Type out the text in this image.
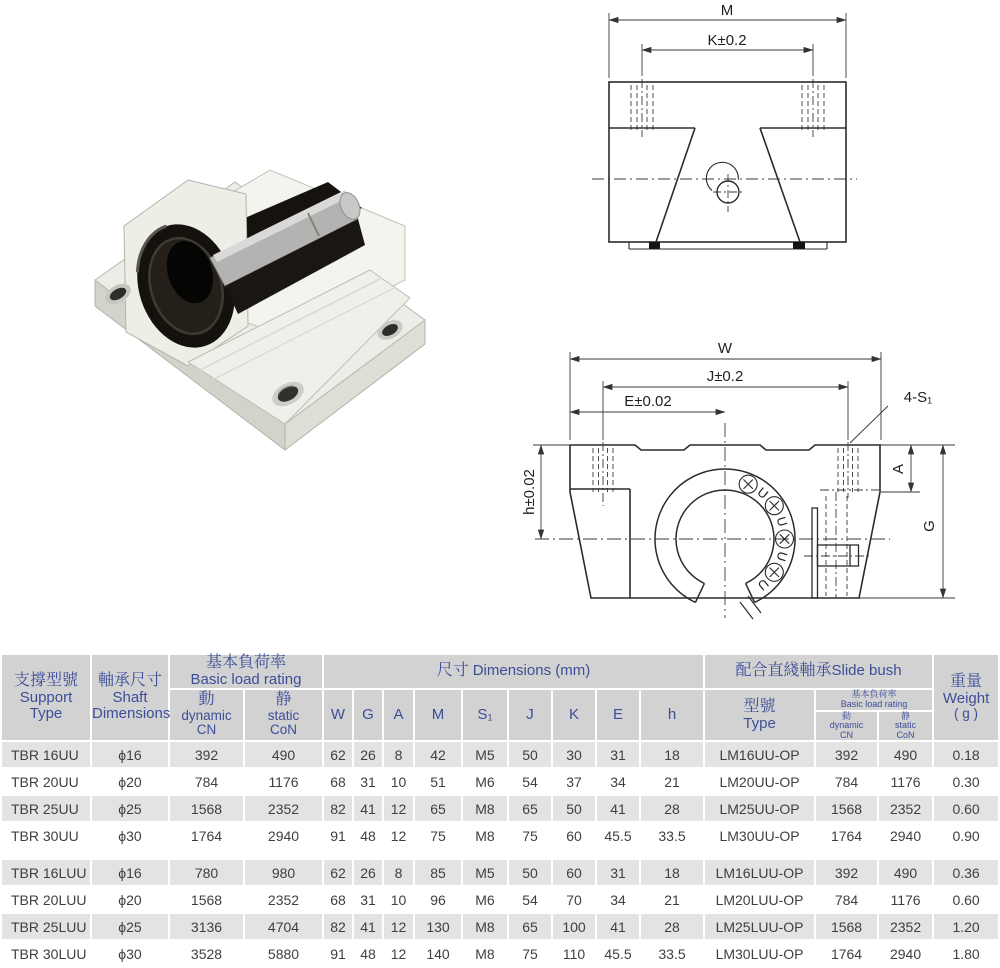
M
K±0.2
W
J±0.2
E±0.02	4-S₁
h±0.02
A
G
U
U
U
U
支撐型號
Support
Type	軸承尺寸
Shaft
Dimensions	基本負荷率
Basic load rating		尺寸 Dimensions (mm)									配合直綫軸承Slide bush			重量
Weight
( g )

		動
dynamic
CN	静
static
CoN	W	G	A	M	S₁	J	K	E	h	型號
Type	基本負荷率
Basic load rating		

														動
dynamic
CN	静
static
CoN	

TBR 16UU	ϕ16	392	490	62	26	8	42	M5	50	30	31	18	LM16UU-OP	392	490	0.18
TBR 20UU	ϕ20	784	1176	68	31	10	51	M6	54	37	34	21	LM20UU-OP	784	1176	0.30
TBR 25UU	ϕ25	1568	2352	82	41	12	65	M8	65	50	41	28	LM25UU-OP	1568	2352	0.60
TBR 30UU	ϕ30	1764	2940	91	48	12	75	M8	75	60	45.5	33.5	LM30UU-OP	1764	2940	0.90

TBR 16LUU	ϕ16	780	980	62	26	8	85	M5	50	60	31	18	LM16LUU-OP	392	490	0.36
TBR 20LUU	ϕ20	1568	2352	68	31	10	96	M6	54	70	34	21	LM20LUU-OP	784	1176	0.60
TBR 25LUU	ϕ25	3136	4704	82	41	12	130	M8	65	100	41	28	LM25LUU-OP	1568	2352	1.20
TBR 30LUU	ϕ30	3528	5880	91	48	12	140	M8	75	110	45.5	33.5	LM30LUU-OP	1764	2940	1.80
